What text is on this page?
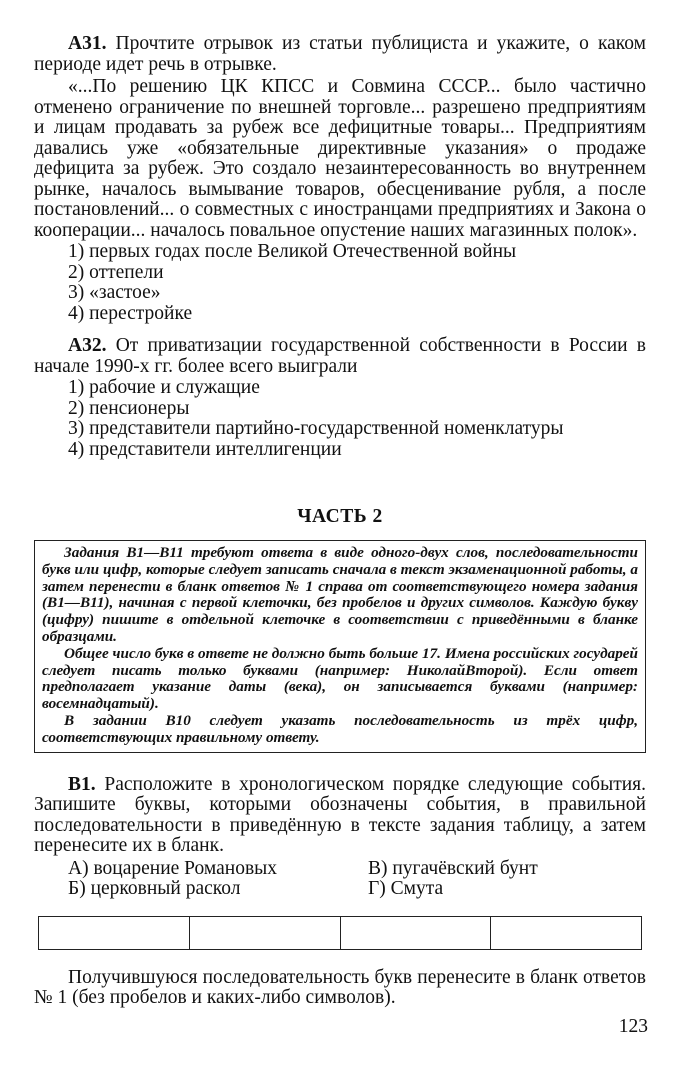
А31. Прочтите отрывок из статьи публициста и укажите, о каком периоде идет речь в отрывке.

«...По решению ЦК КПСС и Совмина СССР... было частично отменено ограничение по внешней торговле... разрешено предприятиям и лицам продавать за рубеж все дефицитные товары... Предприятиям давались уже «обязательные директивные указания» о продаже дефицита за рубеж. Это создало незаинтересованность во внутреннем рынке, началось вымывание товаров, обесценивание рубля, а после постановлений... о совместных с иностранцами предприятиях и Закона о кооперации... началось повальное опустение наших магазинных полок».

1) первых годах после Великой Отечественной войны
2) оттепели
3) «застое»
4) перестройке

А32. От приватизации государственной собственности в России в начале 1990-х гг. более всего выиграли

1) рабочие и служащие
2) пенсионеры
3) представители партийно-государственной номенклатуры
4) представители интеллигенции

ЧАСТЬ 2

Задания В1—В11 требуют ответа в виде одного-двух слов, последовательности букв или цифр, которые следует записать сначала в текст экзаменационной работы, а затем перенести в бланк ответов № 1 справа от соответствующего номера задания (В1—В11), начиная с первой клеточки, без пробелов и других символов. Каждую букву (цифру) пишите в отдельной клеточке в соответствии с приведёнными в бланке образцами.

Общее число букв в ответе не должно быть больше 17. Имена российских государей следует писать только буквами (например: НиколайВторой). Если ответ предполагает указание даты (века), он записывается буквами (например: восемнадцатый).

В задании В10 следует указать последовательность из трёх цифр, соответствующих правильному ответу.

В1. Расположите в хронологическом порядке следующие события. Запишите буквы, которыми обозначены события, в правильной последовательности в приведённую в тексте задания таблицу, а затем перенесите их в бланк.

А) воцарение Романовых	В) пугачёвский бунт
Б) церковный раскол	Г) Смута

Получившуюся последовательность букв перенесите в бланк ответов № 1 (без пробелов и каких-либо символов).

123
